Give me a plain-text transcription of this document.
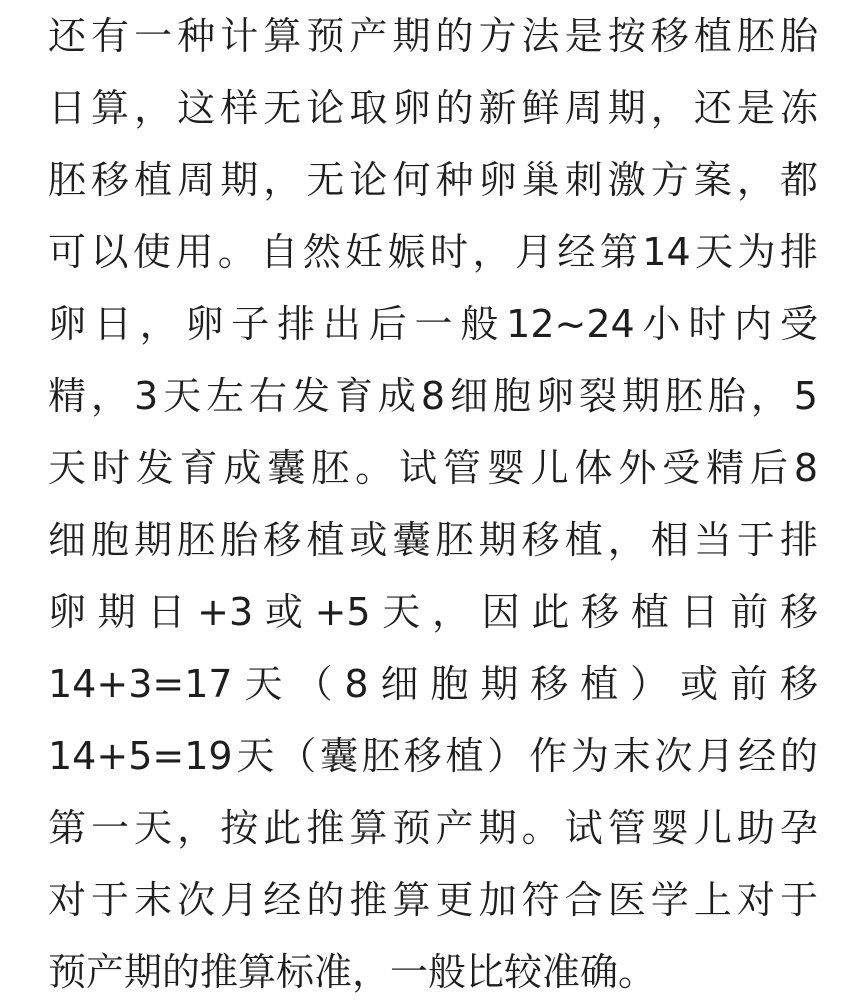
还有一种计算预产期的方法是按移植胚胎
日算，这样无论取卵的新鲜周期，还是冻
胚移植周期，无论何种卵巢刺激方案，都
可以使用。自然妊娠时，月经第14天为排
卵日，卵子排出后一般12~24小时内受
精，3天左右发育成8细胞卵裂期胚胎，5
天时发育成囊胚。试管婴儿体外受精后8
细胞期胚胎移植或囊胚期移植，相当于排
卵期日+3或+5天，因此移植日前移
14+3=17天（8细胞期移植）或前移
14+5=19天（囊胚移植）作为末次月经的
第一天，按此推算预产期。试管婴儿助孕
对于末次月经的推算更加符合医学上对于
预产期的推算标准，一般比较准确。
